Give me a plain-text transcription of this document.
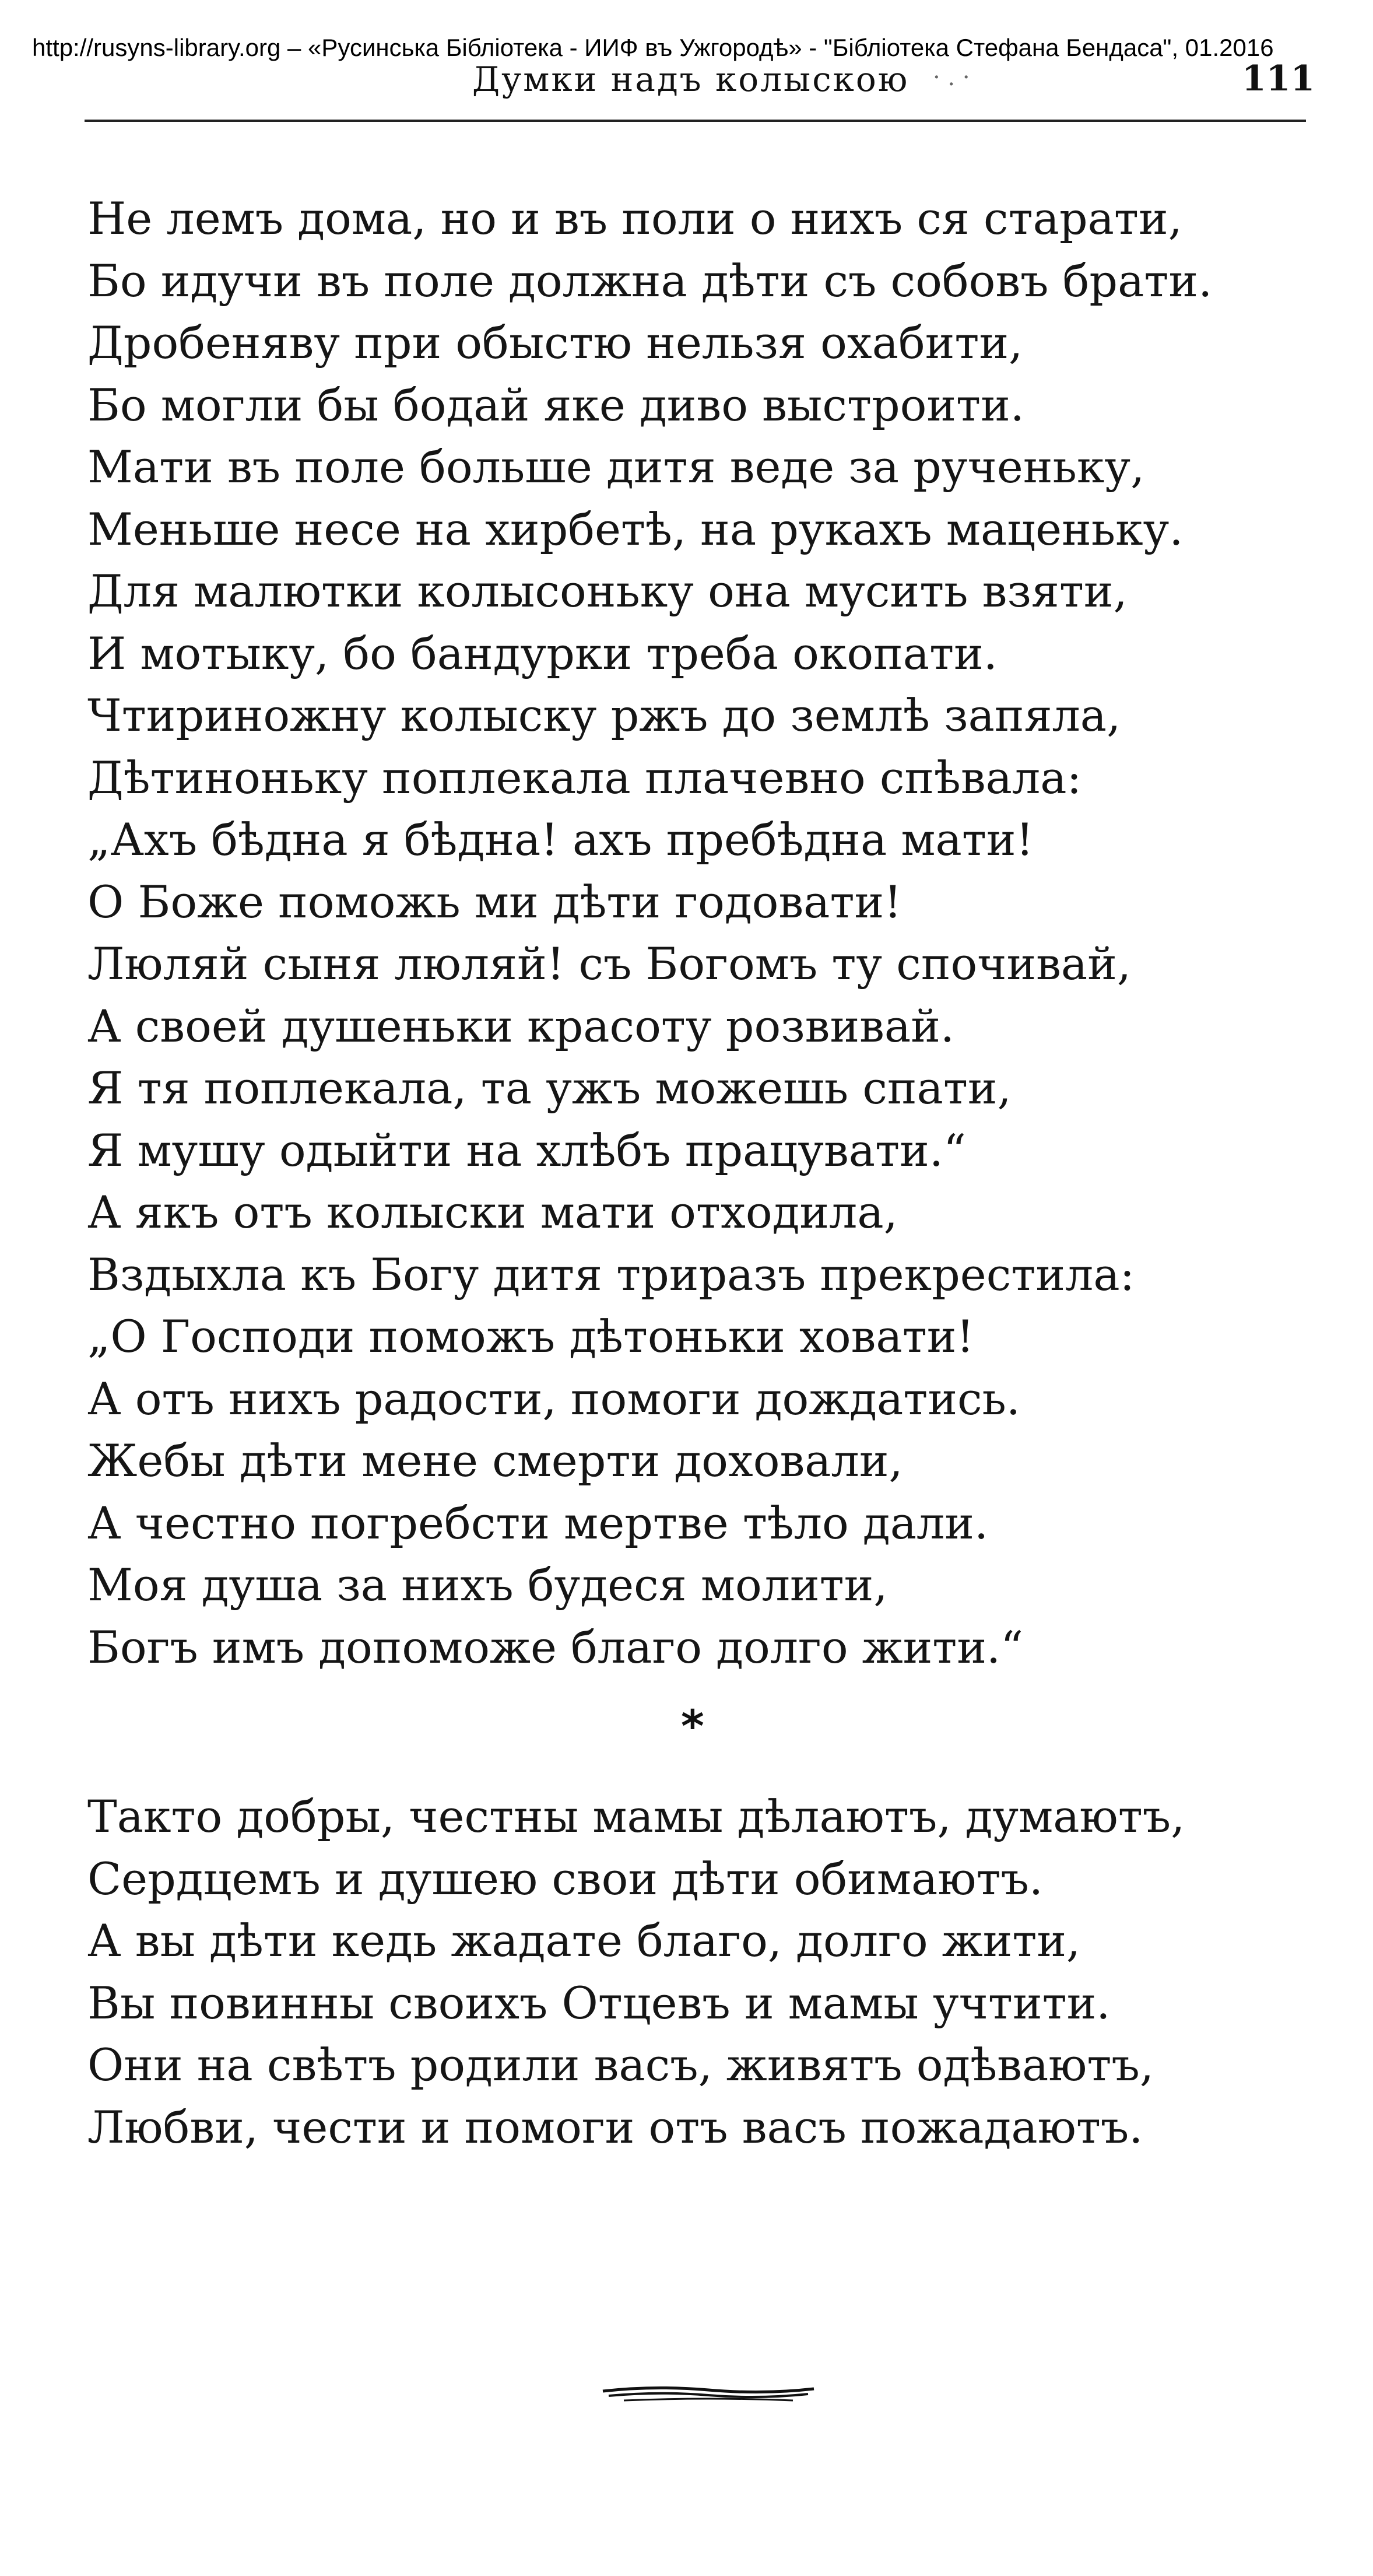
http://rusyns-library.org – «Русинська Бібліотека - ИИФ въ Ужгородѣ» - "Бібліотека Стефана Бендаса", 01.2016
Думки надъ колыскою · . ·	111
Не лемъ дома, но и въ поли о нихъ ся старати,
Бо идучи въ поле должна дѣти съ собовъ брати.
Дробеняву при обыстю нельзя охабити,
Бо могли бы бодай яке диво выстроити.
Мати въ поле больше дитя веде за рученьку,
Меньше несе на хирбетѣ, на рукахъ маценьку.
Для малютки колысоньку она мусить взяти,
И мотыку, бо бандурки треба окопати.
Чтириножну колыску ржъ до землѣ запяла,
Дѣтиноньку поплекала плачевно спѣвала:
„Ахъ бѣдна я бѣдна! ахъ пребѣдна мати!
О Боже поможь ми дѣти годовати!
Люляй сыня люляй! съ Богомъ ту спочивай,
А своей душеньки красоту розвивай.
Я тя поплекала, та ужъ можешь спати,
Я мушу одыйти на хлѣбъ працувати.“
А якъ отъ колыски мати отходила,
Вздыхла къ Богу дитя триразъ прекрестила:
„О Господи поможъ дѣтоньки ховати!
А отъ нихъ радости, помоги дождатись.
Жебы дѣти мене смерти доховали,
А честно погребсти мертве тѣло дали.
Моя душа за нихъ будеся молити,
Богъ имъ допоможе благо долго жити.“
*
Такто добры, честны мамы дѣлаютъ, думаютъ,
Сердцемъ и душею свои дѣти обимаютъ.
А вы дѣти кедь жадате благо, долго жити,
Вы повинны своихъ Отцевъ и мамы учтити.
Они на свѣтъ родили васъ, живятъ одѣваютъ,
Любви, чести и помоги отъ васъ пожадаютъ.
